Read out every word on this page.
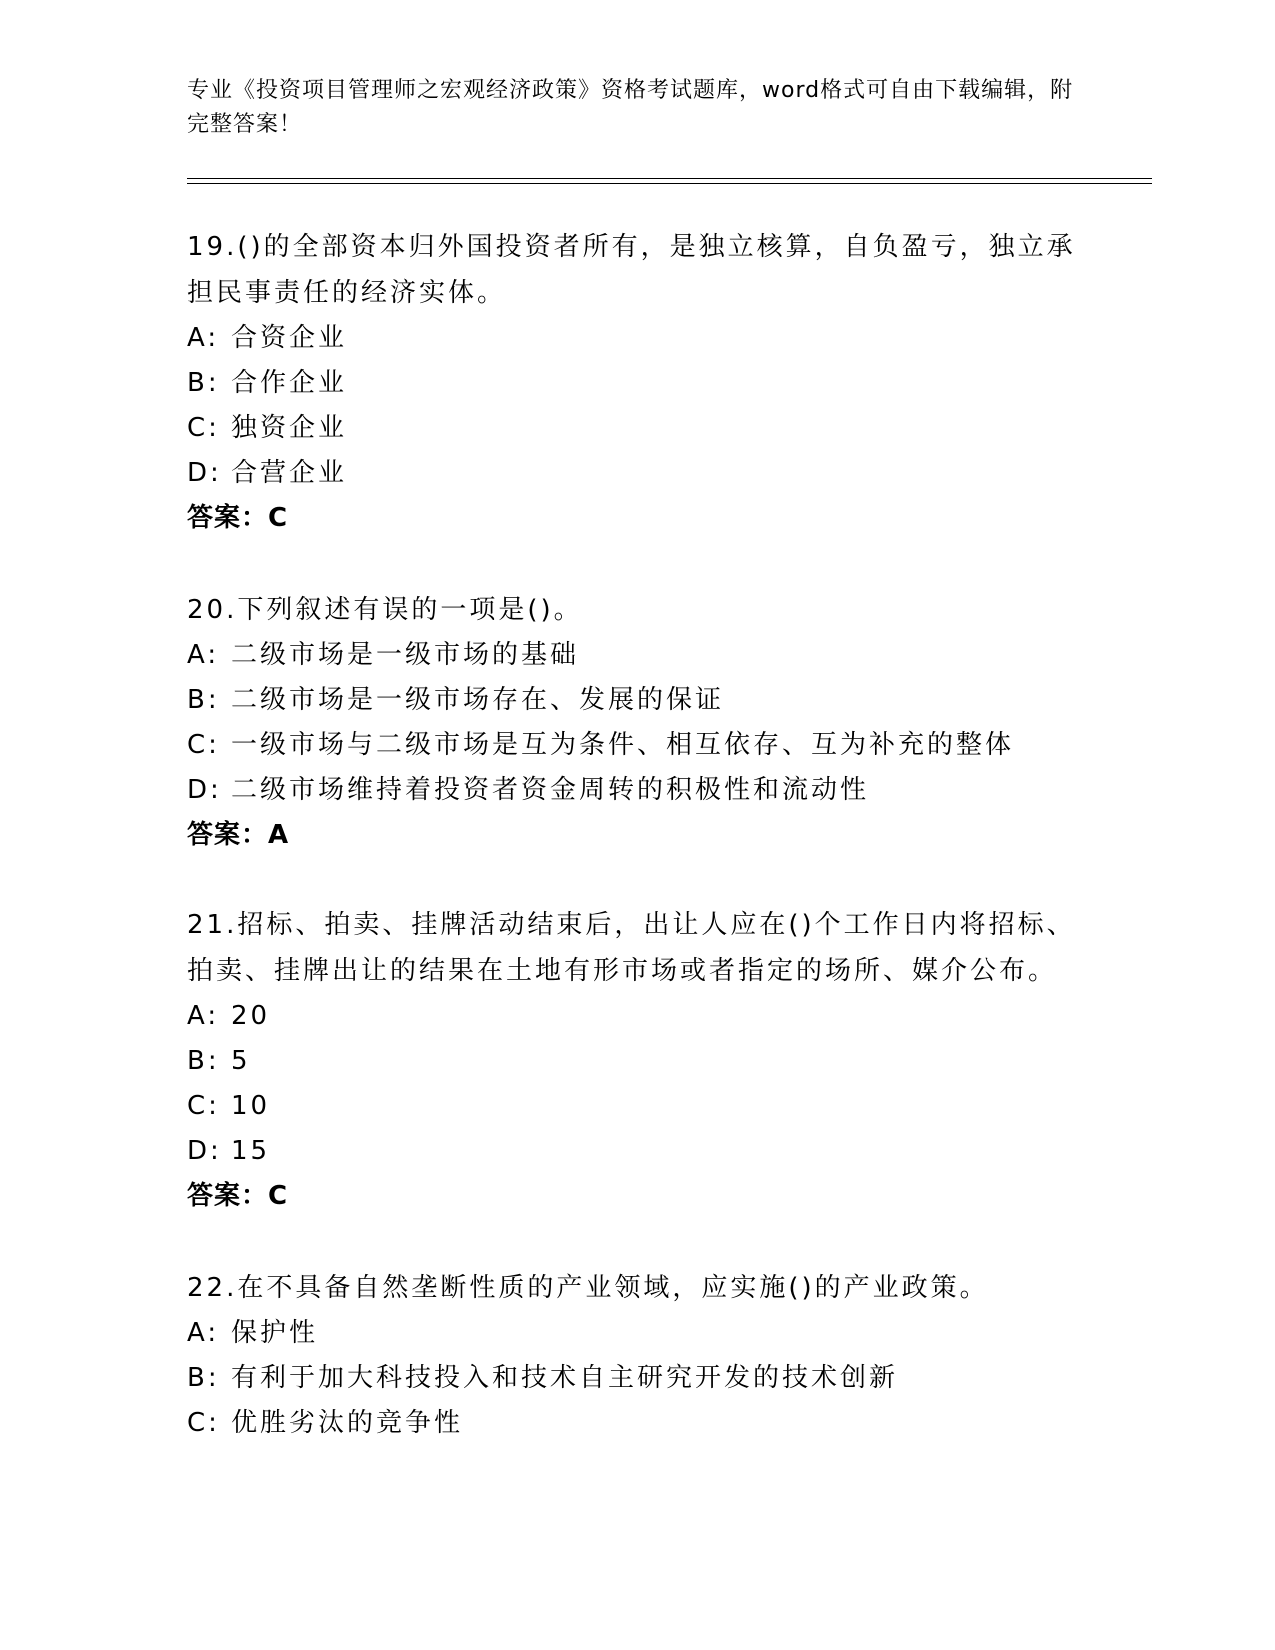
专业《投资项目管理师之宏观经济政策》资格考试题库，word格式可自由下载编辑，附完整答案！

19.()的全部资本归外国投资者所有，是独立核算，自负盈亏，独立承担民事责任的经济实体。

A: 合资企业
B: 合作企业
C: 独资企业
D: 合营企业
答案：C

20.下列叙述有误的一项是()。

A: 二级市场是一级市场的基础
B: 二级市场是一级市场存在、发展的保证
C: 一级市场与二级市场是互为条件、相互依存、互为补充的整体
D: 二级市场维持着投资者资金周转的积极性和流动性
答案：A

21.招标、拍卖、挂牌活动结束后，出让人应在()个工作日内将招标、拍卖、挂牌出让的结果在土地有形市场或者指定的场所、媒介公布。

A: 20
B: 5
C: 10
D: 15
答案：C

22.在不具备自然垄断性质的产业领域，应实施()的产业政策。

A: 保护性
B: 有利于加大科技投入和技术自主研究开发的技术创新
C: 优胜劣汰的竞争性
